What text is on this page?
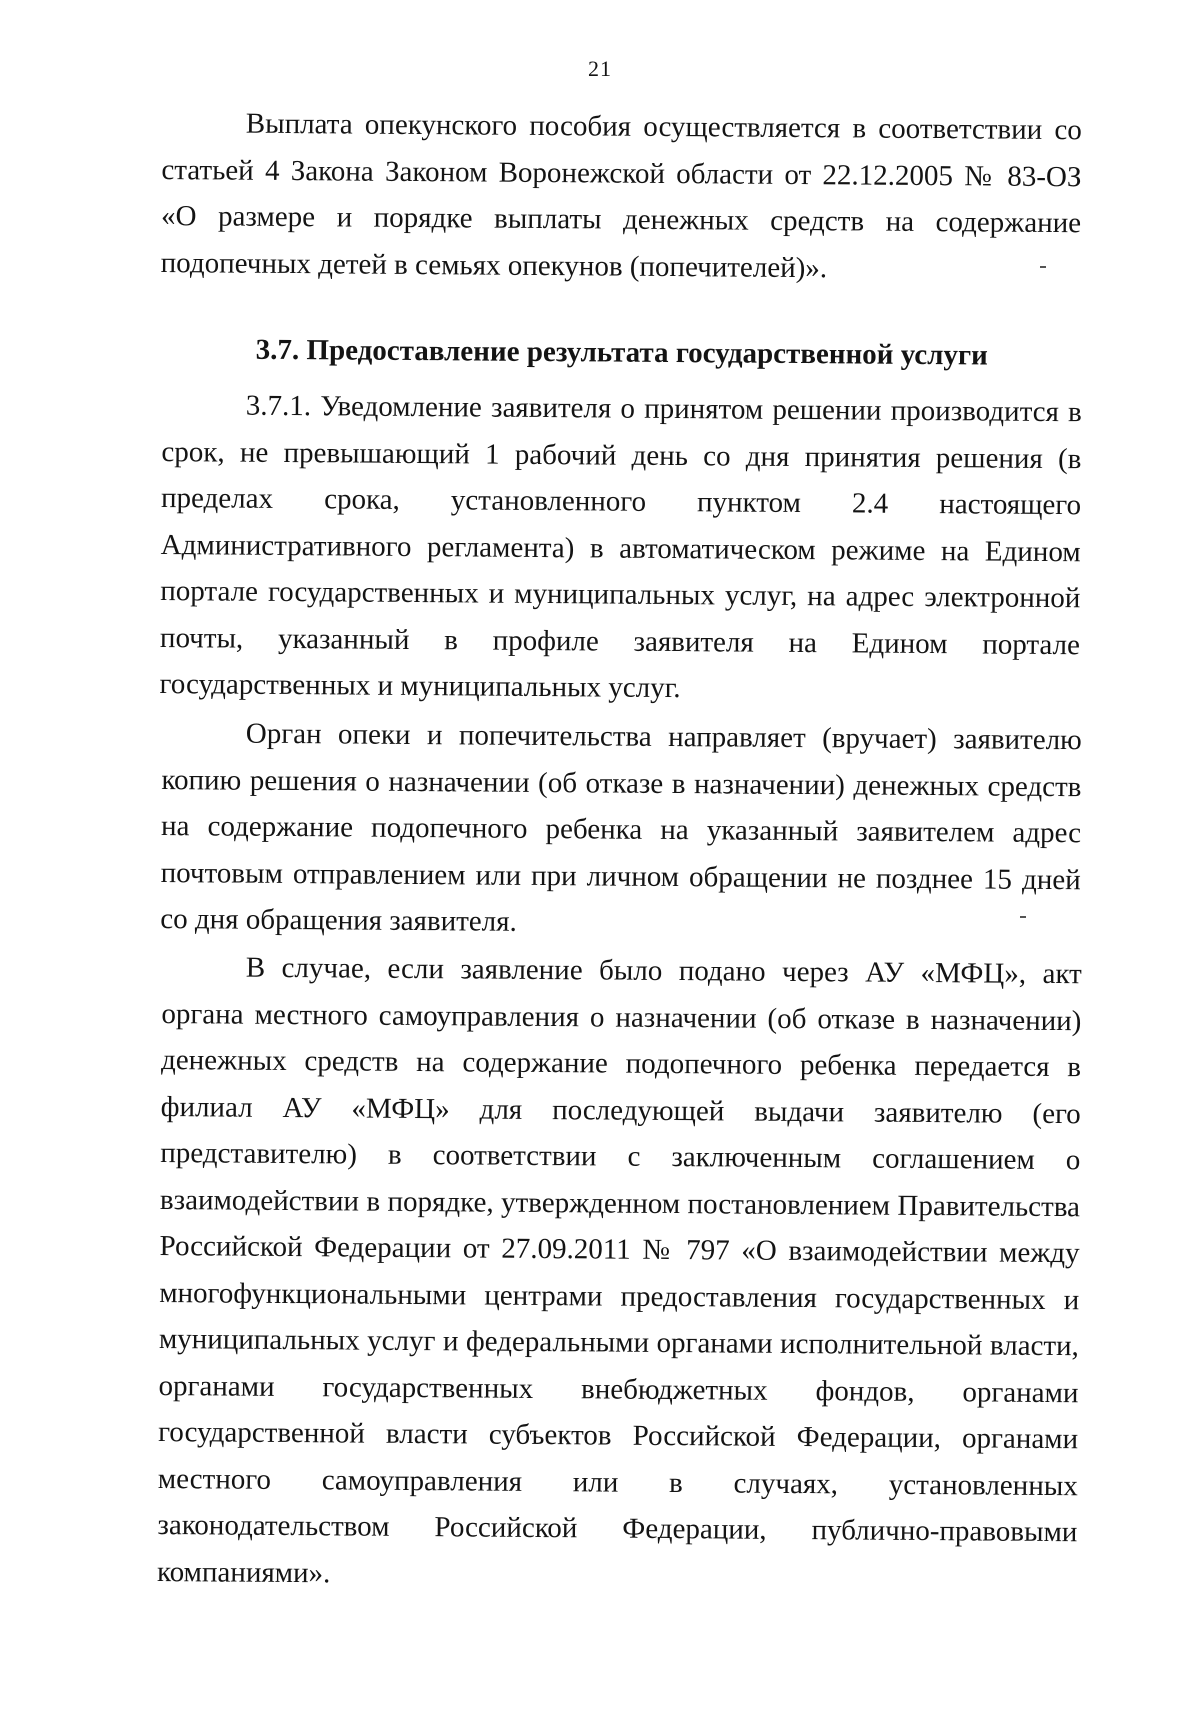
21

Выплата опекунского пособия осуществляется в соответствии со статьей 4 Закона Законом Воронежской области от 22.12.2005 № 83-ОЗ «О размере и порядке выплаты денежных средств на содержание подопечных детей в семьях опекунов (попечителей)».

3.7. Предоставление результата государственной услуги

3.7.1. Уведомление заявителя о принятом решении производится в срок, не превышающий 1 рабочий день со дня принятия решения (в пределах срока, установленного пунктом 2.4 настоящего Административного регламента) в автоматическом режиме на Едином портале государственных и муниципальных услуг, на адрес электронной почты, указанный в профиле заявителя на Едином портале государственных и муниципальных услуг.

Орган опеки и попечительства направляет (вручает) заявителю копию решения о назначении (об отказе в назначении) денежных средств на содержание подопечного ребенка на указанный заявителем адрес почтовым отправлением или при личном обращении не позднее 15 дней со дня обращения заявителя.

В случае, если заявление было подано через АУ «МФЦ», акт органа местного самоуправления о назначении (об отказе в назначении) денежных средств на содержание подопечного ребенка передается в филиал АУ «МФЦ» для последующей выдачи заявителю (его представителю) в соответствии с заключенным соглашением о взаимодействии в порядке, утвержденном постановлением Правительства Российской Федерации от 27.09.2011 № 797 «О взаимодействии между многофункциональными центрами предоставления государственных и муниципальных услуг и федеральными органами исполнительной власти, органами государственных внебюджетных фондов, органами государственной власти субъектов Российской Федерации, органами местного самоуправления или в случаях, установленных законодательством Российской Федерации, публично-правовыми компаниями».
